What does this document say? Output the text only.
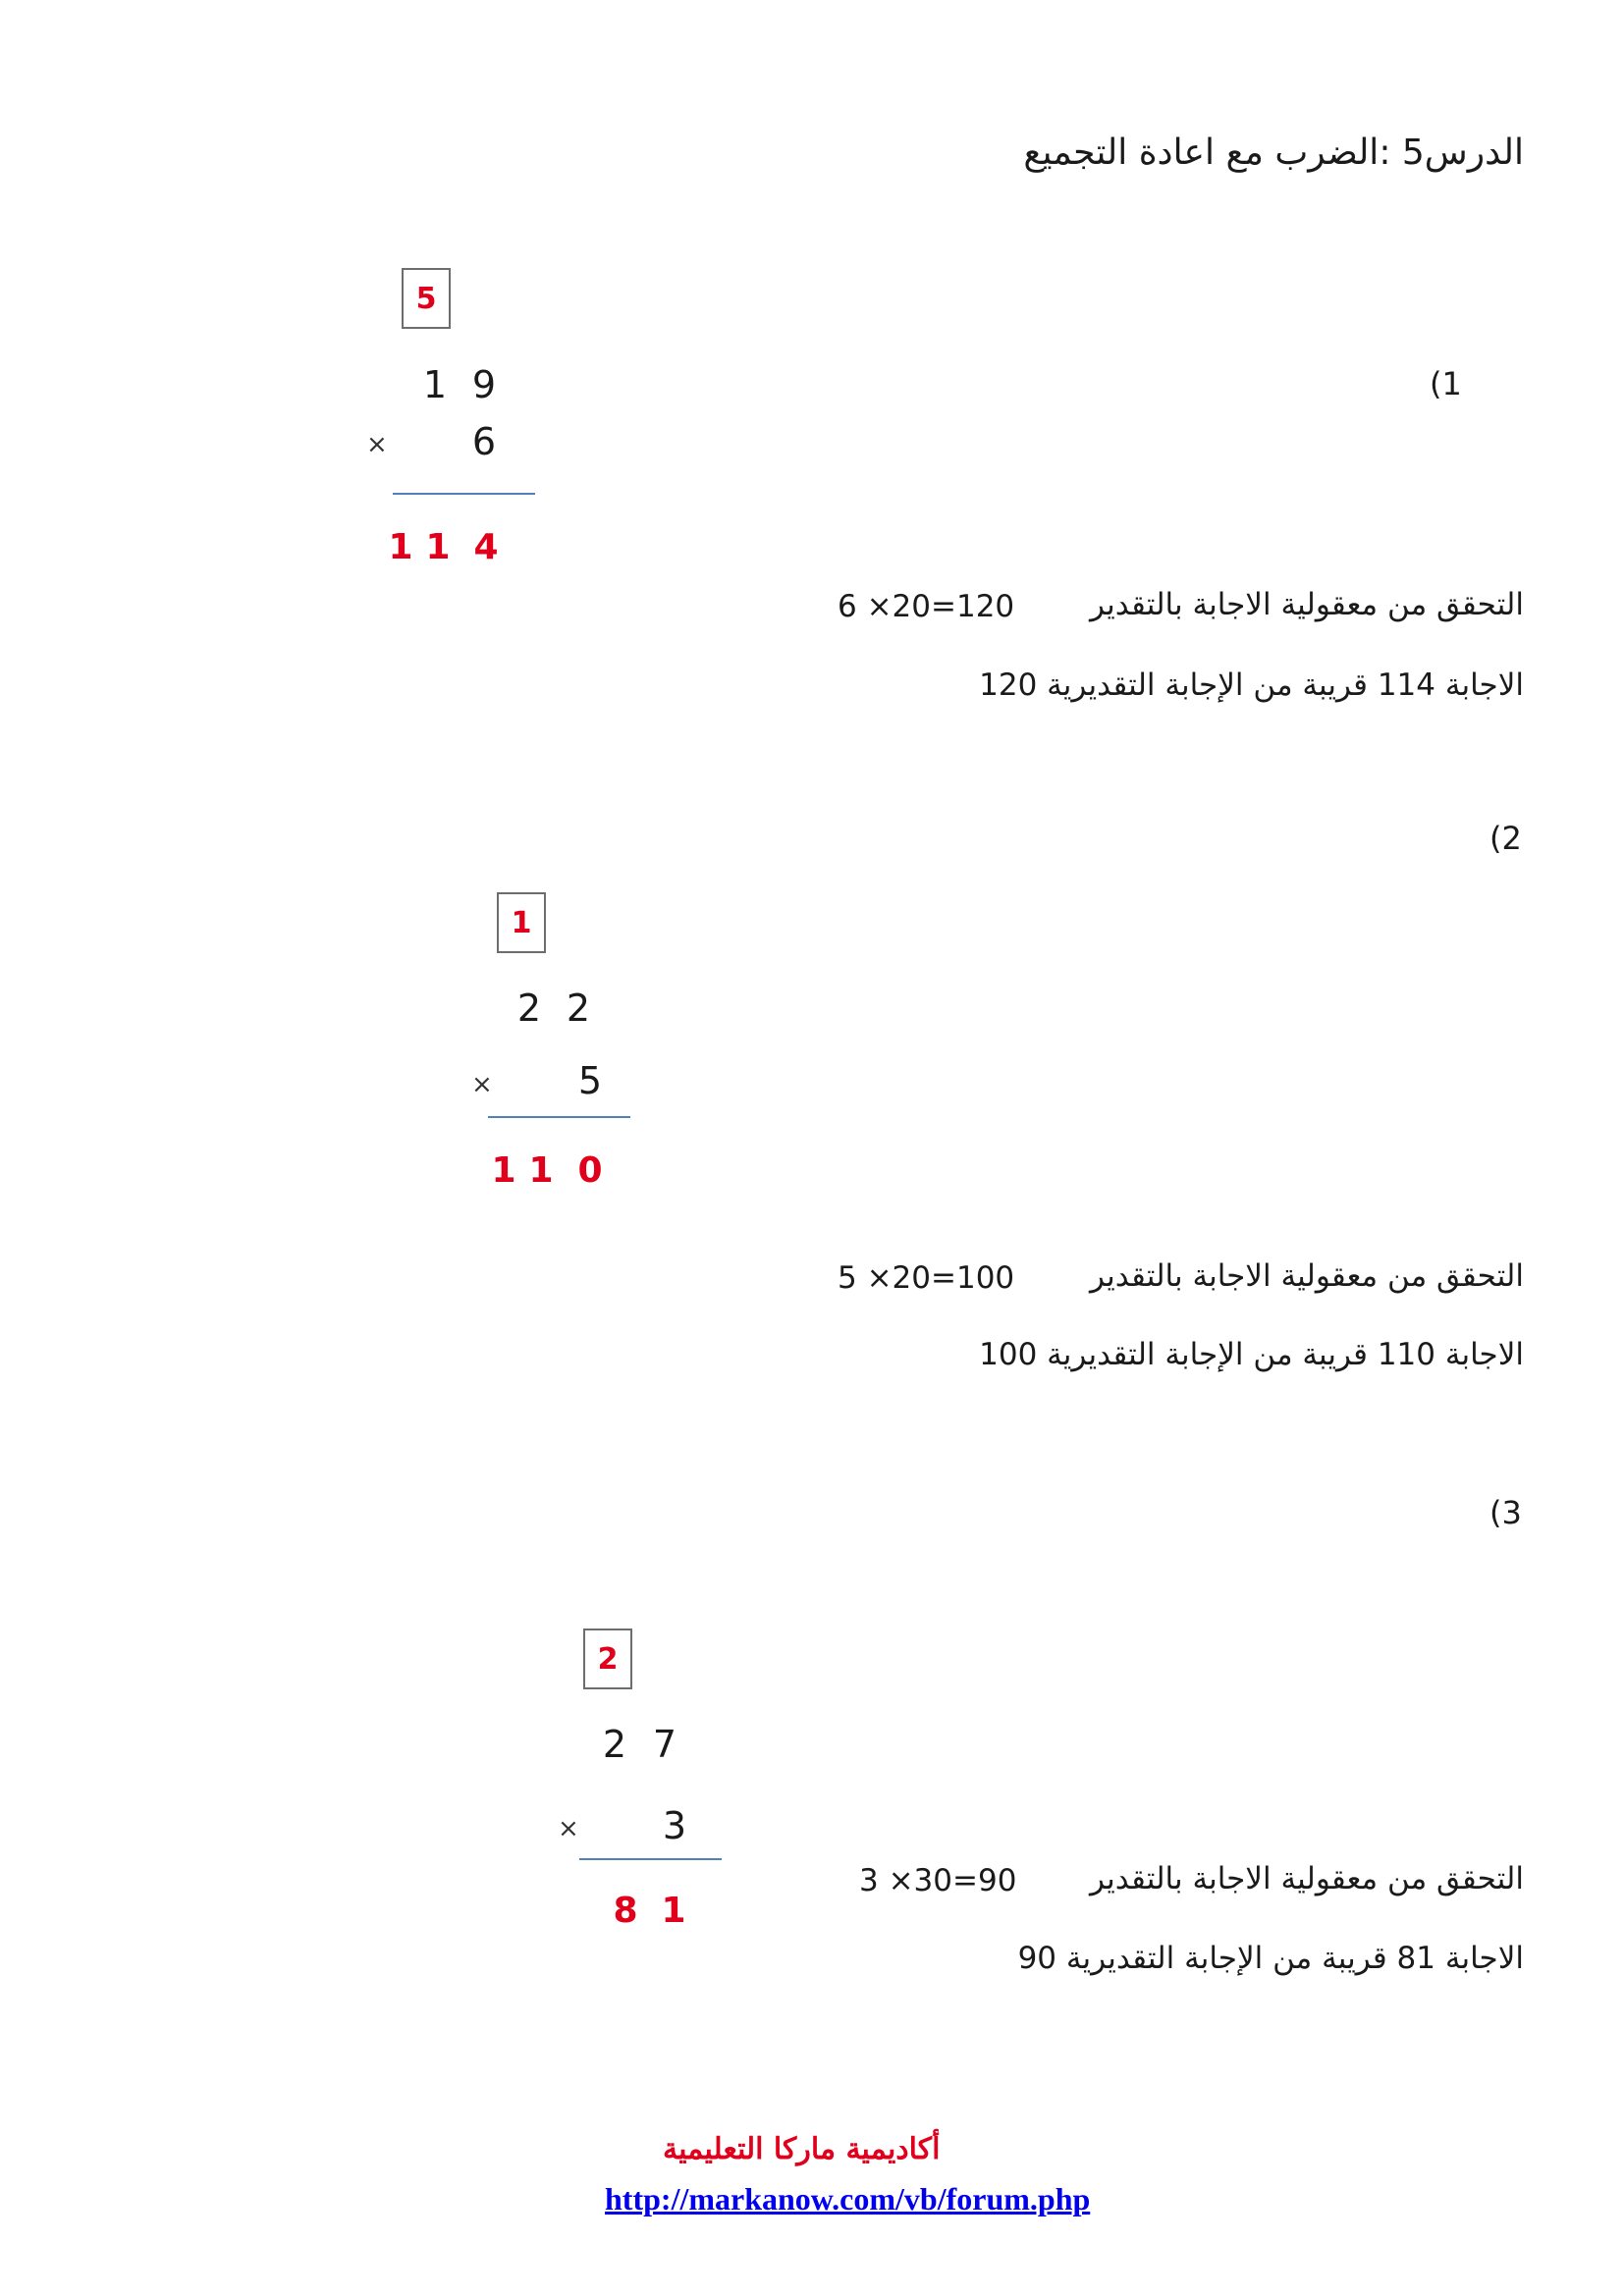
الدرس5 :الضرب مع اعادة التجميع
(1
5
1 9
× 6
1 1 4
التحقق من معقولية الاجابة بالتقدير
6 ×20=120
الاجابة 114 قريبة من الإجابة التقديرية 120
(2
1
2 2
× 5
1 1 0
التحقق من معقولية الاجابة بالتقدير
5 ×20=100
الاجابة 110 قريبة من الإجابة التقديرية 100
(3
2
2 7
× 3
8 1
التحقق من معقولية الاجابة بالتقدير
3 ×30=90
الاجابة 81 قريبة من الإجابة التقديرية 90
أكاديمية ماركا التعليمية
http://markanow.com/vb/forum.php
